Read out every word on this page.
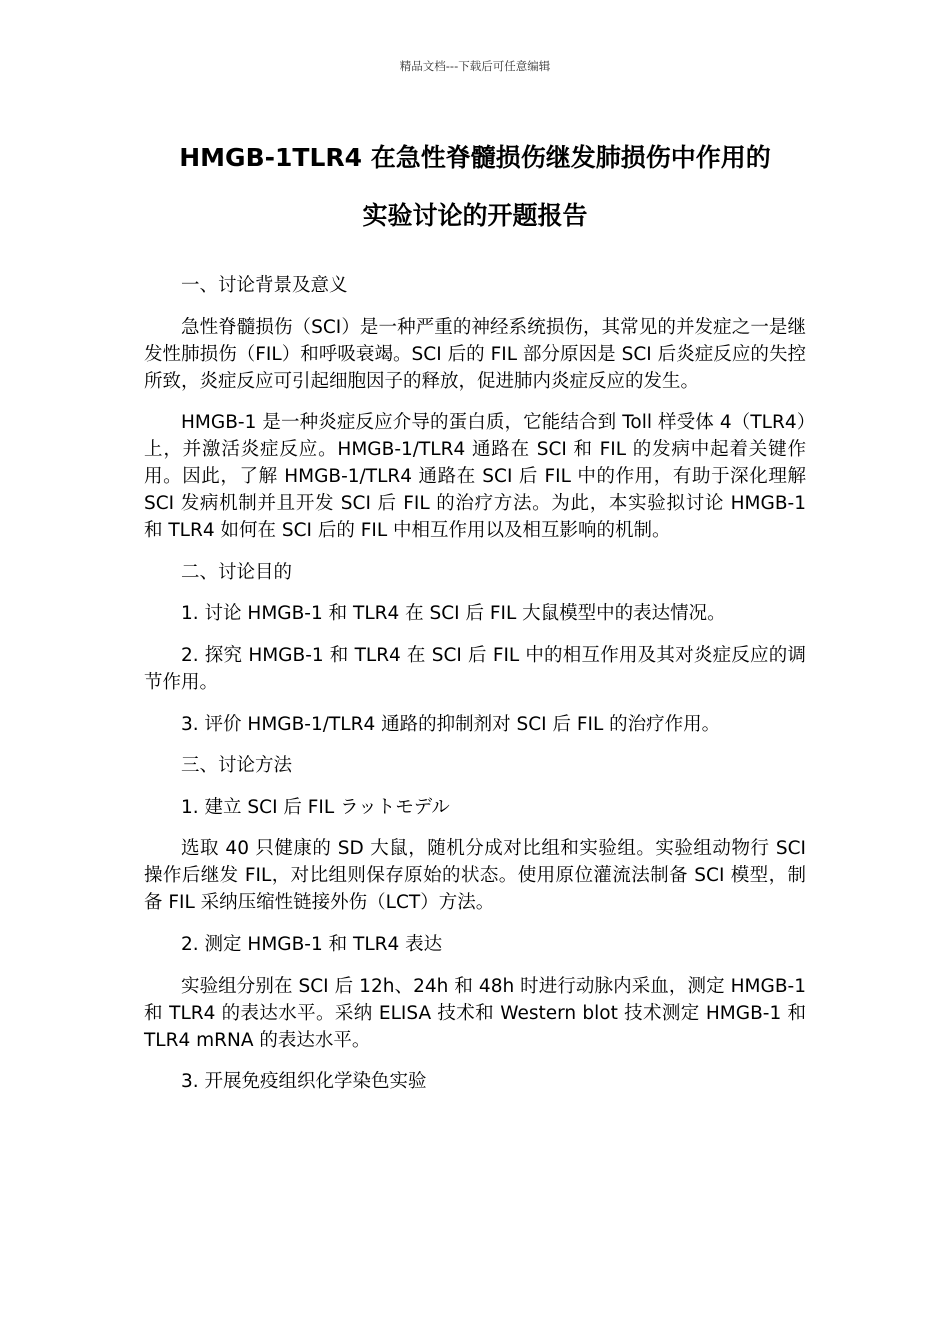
精品文档---下载后可任意编辑
HMGB-1TLR4 在急性脊髓损伤继发肺损伤中作用的
实验讨论的开题报告

一、讨论背景及意义

急性脊髓损伤（SCI）是一种严重的神经系统损伤，其常见的并发症之一是继发性肺损伤（FIL）和呼吸衰竭。SCI 后的 FIL 部分原因是 SCI 后炎症反应的失控所致，炎症反应可引起细胞因子的释放，促进肺内炎症反应的发生。

HMGB-1 是一种炎症反应介导的蛋白质，它能结合到 Toll 样受体 4（TLR4）上，并激活炎症反应。HMGB-1/TLR4 通路在 SCI 和 FIL 的发病中起着关键作用。因此，了解 HMGB-1/TLR4 通路在 SCI 后 FIL 中的作用，有助于深化理解 SCI 发病机制并且开发 SCI 后 FIL 的治疗方法。为此，本实验拟讨论 HMGB-1 和 TLR4 如何在 SCI 后的 FIL 中相互作用以及相互影响的机制。

二、讨论目的

1. 讨论 HMGB-1 和 TLR4 在 SCI 后 FIL 大鼠模型中的表达情况。

2. 探究 HMGB-1 和 TLR4 在 SCI 后 FIL 中的相互作用及其对炎症反应的调节作用。

3. 评价 HMGB-1/TLR4 通路的抑制剂对 SCI 后 FIL 的治疗作用。

三、讨论方法

1. 建立 SCI 后 FIL ラットモデル

选取 40 只健康的 SD 大鼠，随机分成对比组和实验组。实验组动物行 SCI 操作后继发 FIL，对比组则保存原始的状态。使用原位灌流法制备 SCI 模型，制备 FIL 采纳压缩性链接外伤（LCT）方法。

2. 测定 HMGB-1 和 TLR4 表达

实验组分别在 SCI 后 12h、24h 和 48h 时进行动脉内采血，测定 HMGB-1 和 TLR4 的表达水平。采纳 ELISA 技术和 Western blot 技术测定 HMGB-1 和 TLR4 mRNA 的表达水平。

3. 开展免疫组织化学染色实验
